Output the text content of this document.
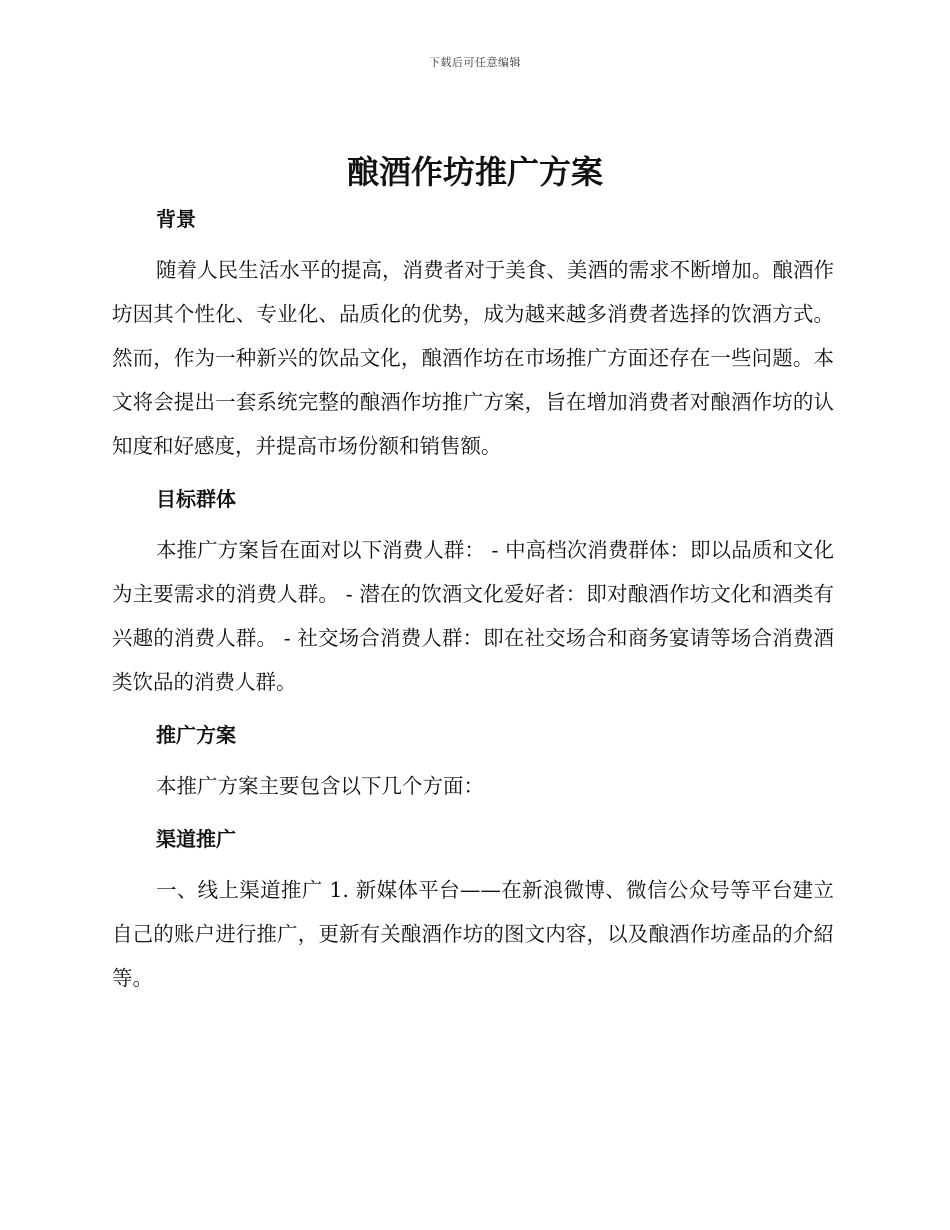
下载后可任意编辑
酿酒作坊推广方案
背景

随着人民生活水平的提高，消费者对于美食、美酒的需求不断增加。酿酒作坊因其个性化、专业化、品质化的优势，成为越来越多消费者选择的饮酒方式。然而，作为一种新兴的饮品文化，酿酒作坊在市场推广方面还存在一些问题。本文将会提出一套系统完整的酿酒作坊推广方案，旨在增加消费者对酿酒作坊的认知度和好感度，并提高市场份额和销售额。

目标群体

本推广方案旨在面对以下消费人群： - 中高档次消费群体：即以品质和文化为主要需求的消费人群。 - 潜在的饮酒文化爱好者：即对酿酒作坊文化和酒类有兴趣的消费人群。 - 社交场合消费人群：即在社交场合和商务宴请等场合消费酒类饮品的消费人群。

推广方案

本推广方案主要包含以下几个方面：

渠道推广

一、线上渠道推广 1. 新媒体平台——在新浪微博、微信公众号等平台建立自己的账户进行推广，更新有关酿酒作坊的图文内容，以及酿酒作坊產品的介紹等。
